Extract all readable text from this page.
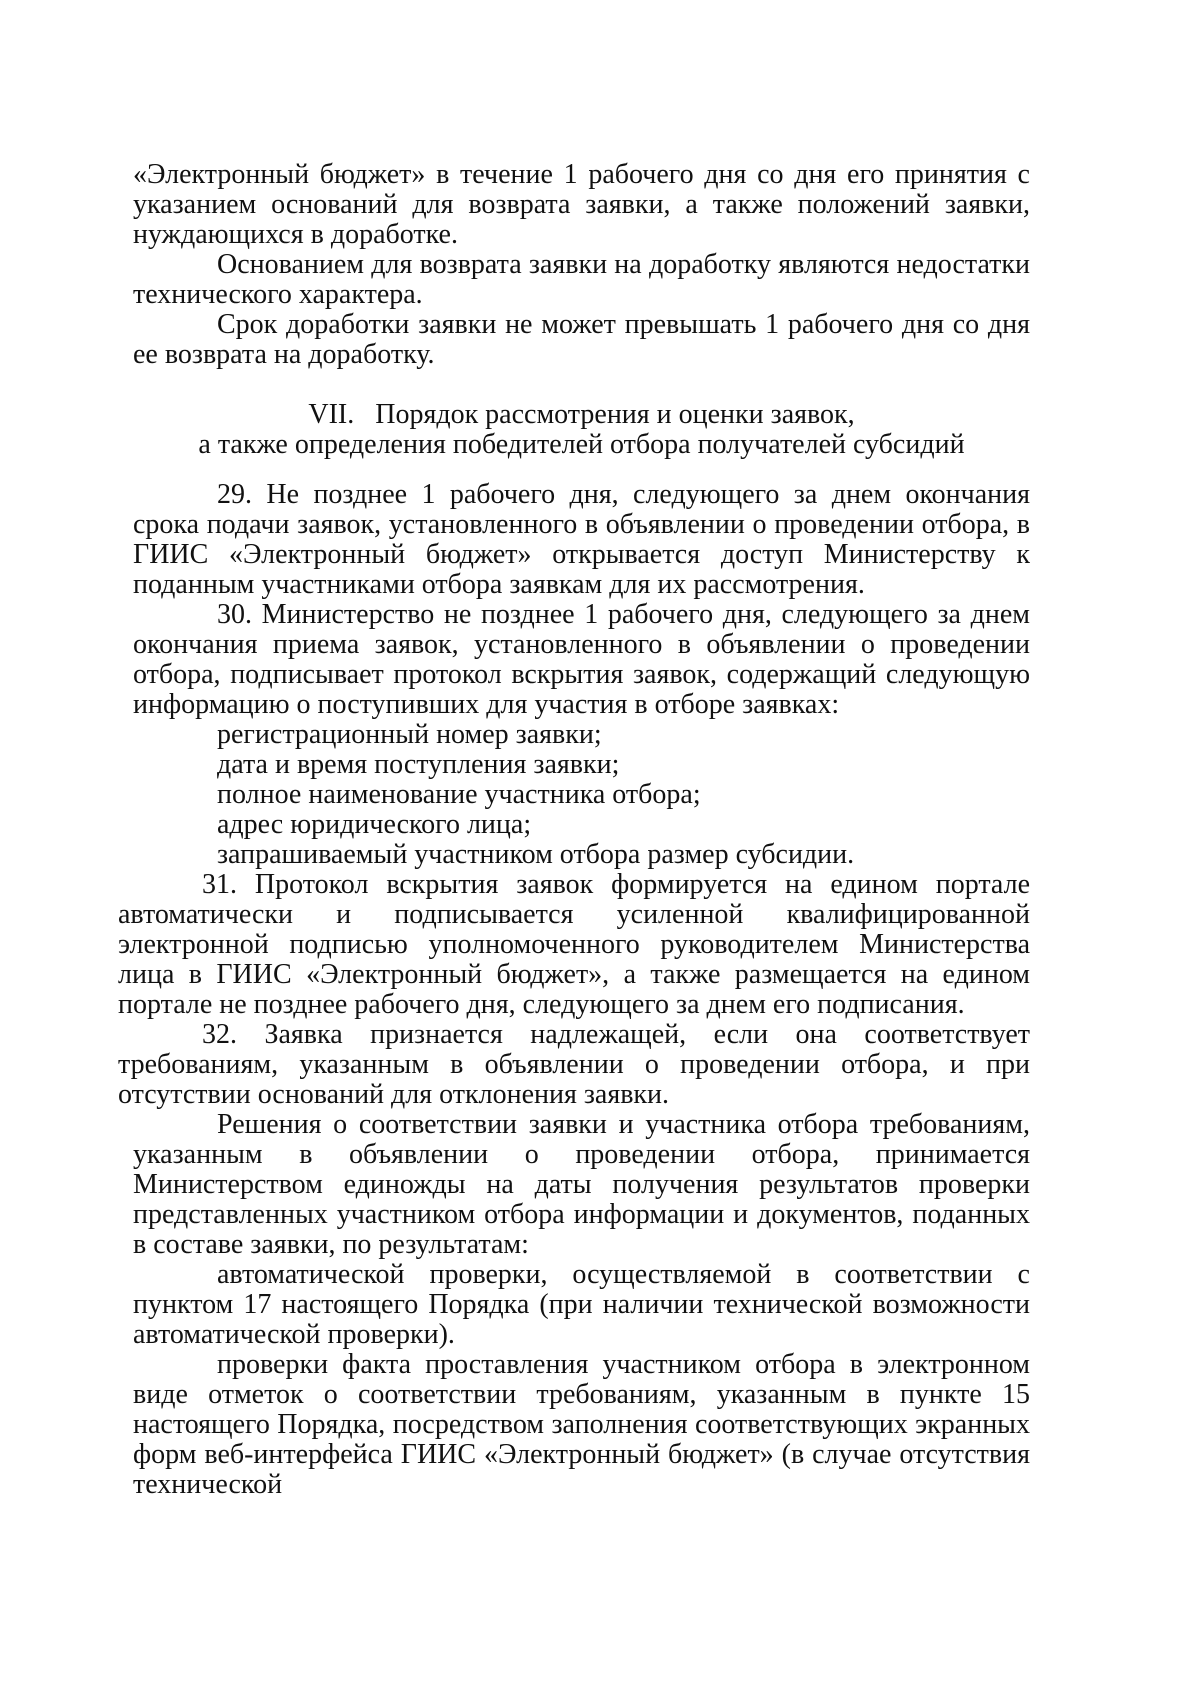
«Электронный бюджет» в течение 1 рабочего дня со дня его принятия с указанием оснований для возврата заявки, а также положений заявки, нуждающихся в доработке.

Основанием для возврата заявки на доработку являются недостатки технического характера.

Срок доработки заявки не может превышать 1 рабочего дня со дня ее возврата на доработку.

VII.   Порядок рассмотрения и оценки заявок,
а также определения победителей отбора получателей субсидий

29. Не позднее 1 рабочего дня, следующего за днем окончания срока подачи заявок, установленного в объявлении о проведении отбора, в ГИИС «Электронный бюджет» открывается доступ Министерству к поданным участниками отбора заявкам для их рассмотрения.

30. Министерство не позднее 1 рабочего дня, следующего за днем окончания приема заявок, установленного в объявлении о проведении отбора, подписывает протокол вскрытия заявок, содержащий следующую информацию о поступивших для участия в отборе заявках:

регистрационный номер заявки;
дата и время поступления заявки;
полное наименование участника отбора;
адрес юридического лица;
запрашиваемый участником отбора размер субсидии.

31. Протокол вскрытия заявок формируется на едином портале автоматически и подписывается усиленной квалифицированной электронной подписью уполномоченного руководителем Министерства лица в ГИИС «Электронный бюджет», а также размещается на едином портале не позднее рабочего дня, следующего за днем его подписания.

32. Заявка признается надлежащей, если она соответствует требованиям, указанным в объявлении о проведении отбора, и при отсутствии оснований для отклонения заявки.

Решения о соответствии заявки и участника отбора требованиям, указанным в объявлении о проведении отбора, принимается Министерством единожды на даты получения результатов проверки представленных участником отбора информации и документов, поданных в составе заявки, по результатам:

автоматической проверки, осуществляемой в соответствии с пунктом 17 настоящего Порядка (при наличии технической возможности автоматической проверки).

проверки факта проставления участником отбора в электронном виде отметок о соответствии требованиям, указанным в пункте 15 настоящего Порядка, посредством заполнения соответствующих экранных форм веб-интерфейса ГИИС «Электронный бюджет» (в случае отсутствия технической
